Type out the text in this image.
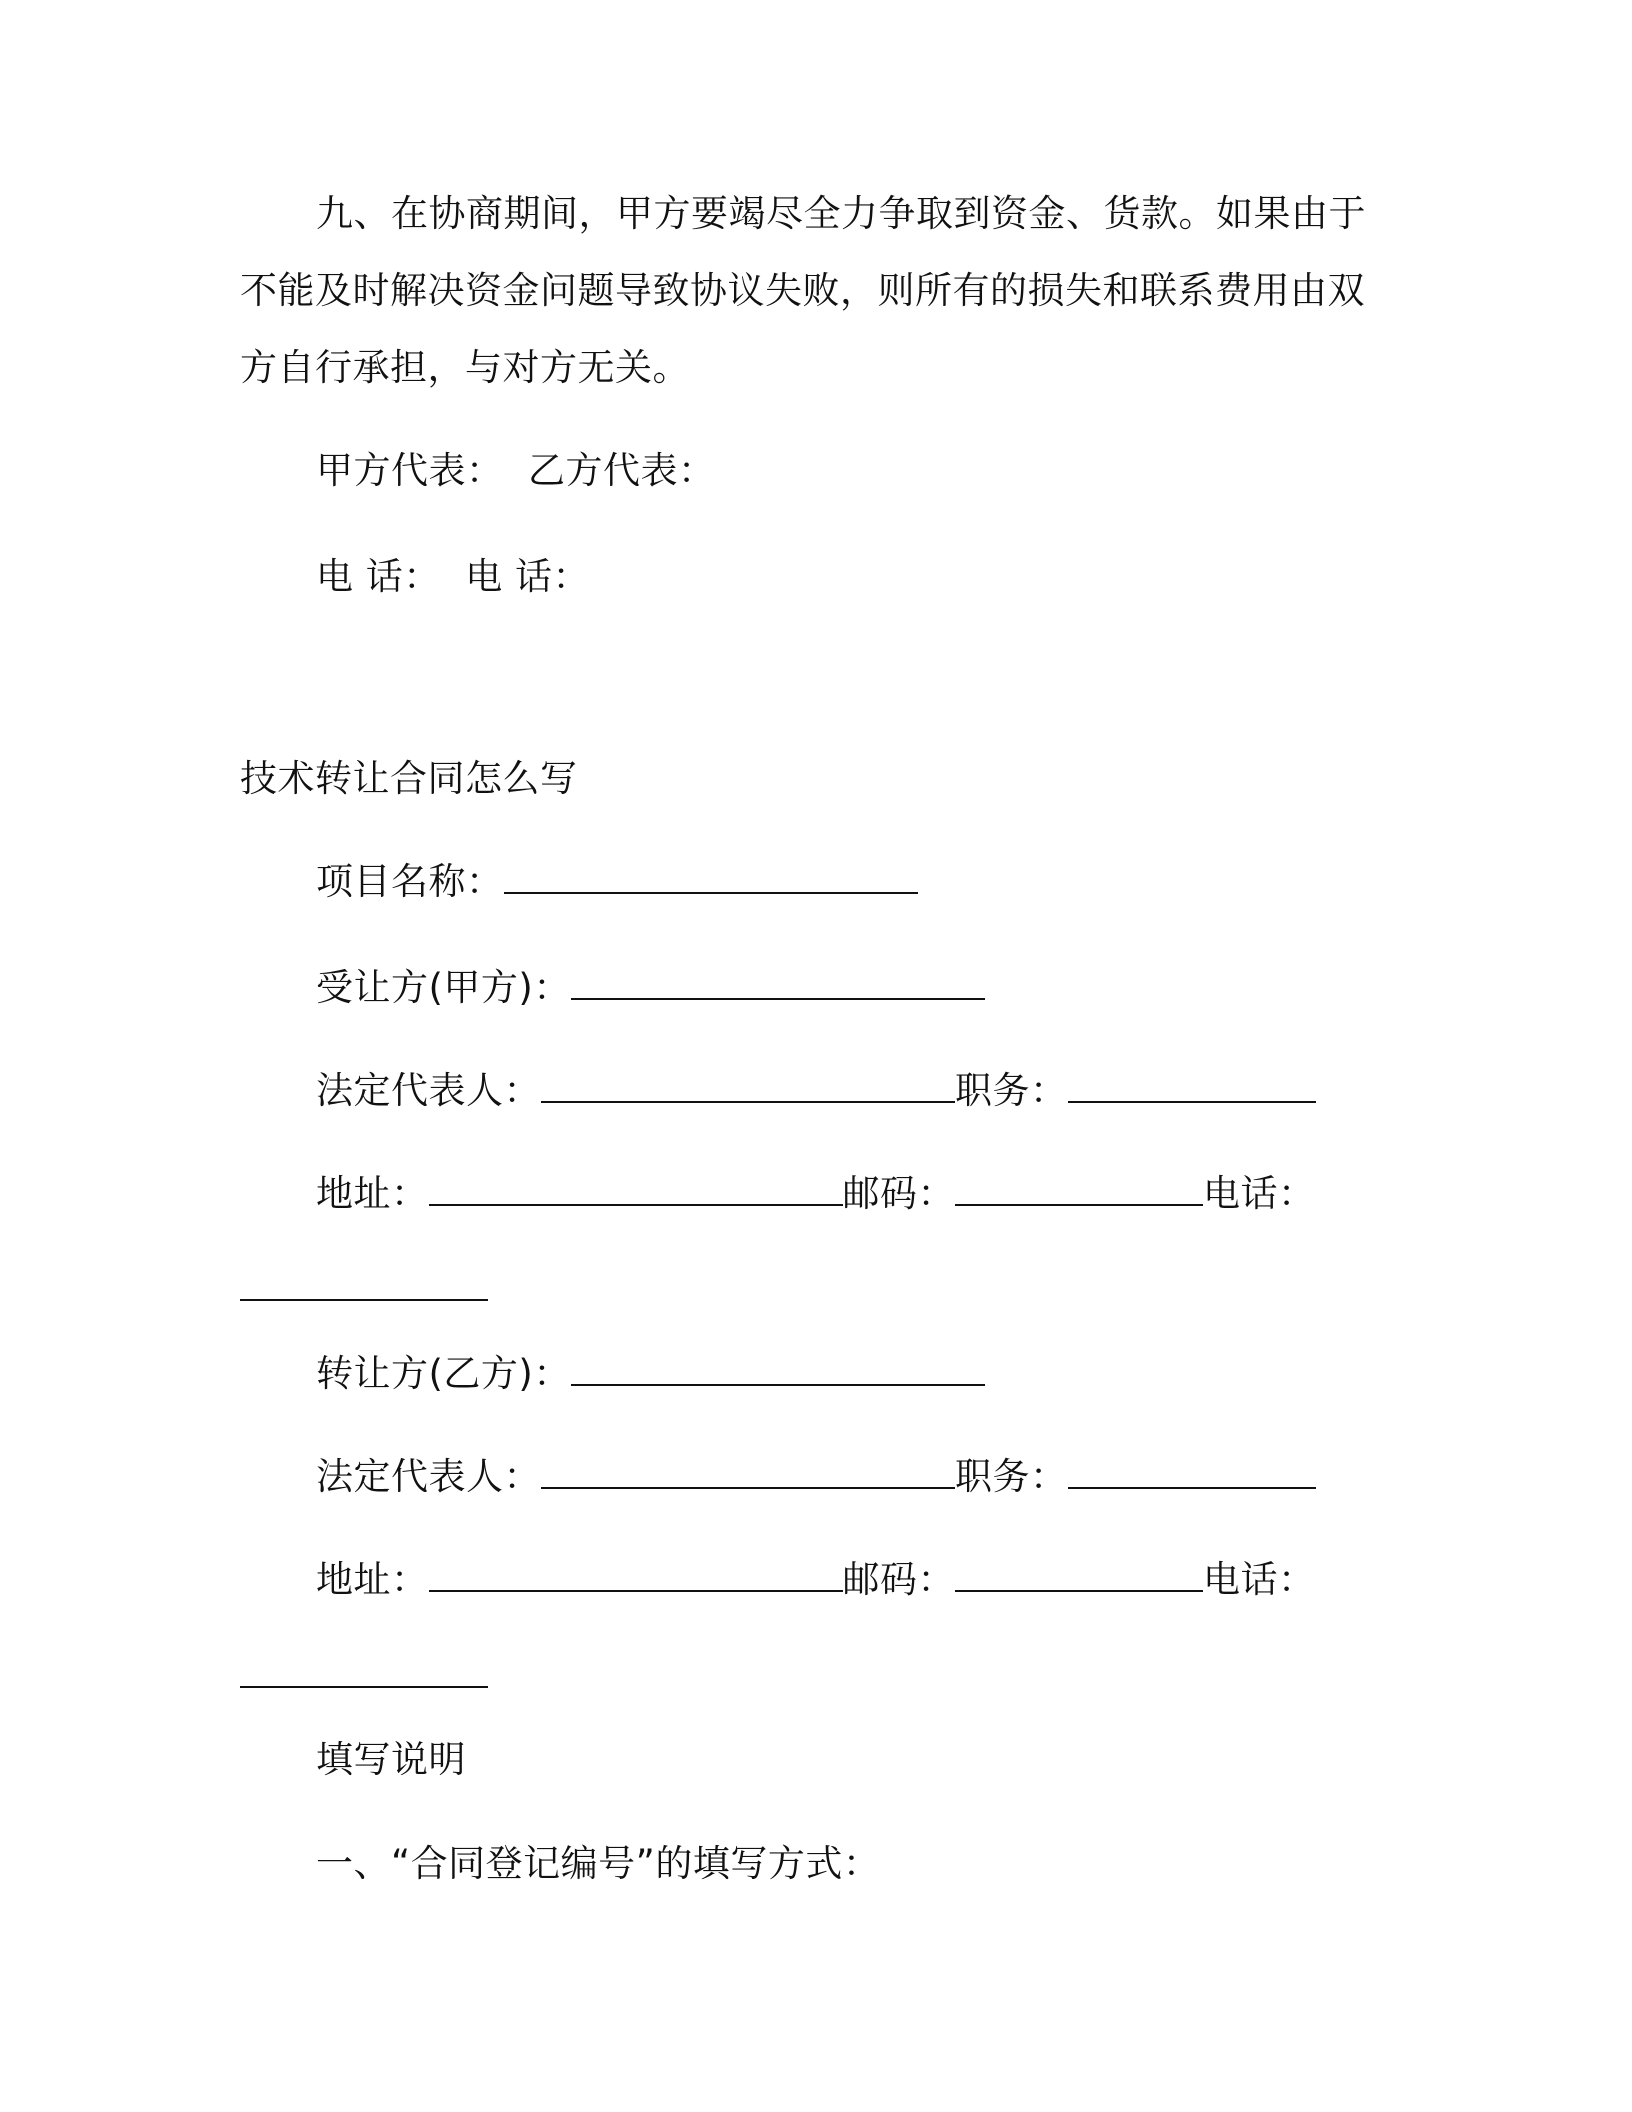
九、在协商期间，甲方要竭尽全力争取到资金、货款。如果由于
不能及时解决资金问题导致协议失败，则所有的损失和联系费用由双
方自行承担，与对方无关。
甲方代表：  乙方代表：
电 话：  电 话：
技术转让合同怎么写
项目名称：
受让方(甲方)：
法定代表人：	职务：
地址：	邮码：	电话：
转让方(乙方)：
法定代表人：	职务：
地址：	邮码：	电话：
填写说明
一、“合同登记编号”的填写方式：
